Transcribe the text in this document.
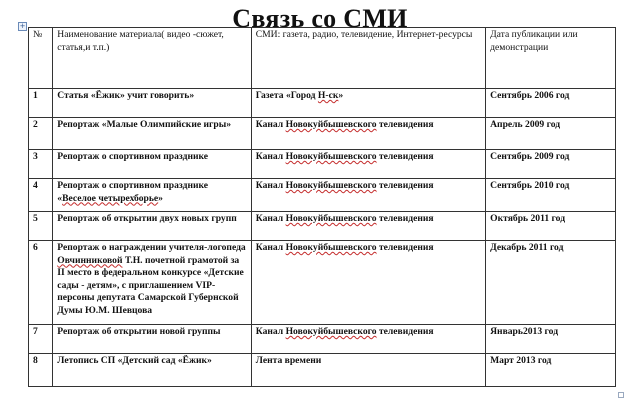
Связь со СМИ
+
№	Наименование материала( видео -сюжет, статья,и т.п.)	СМИ: газета, радио, телевидение, Интернет-ресурсы	Дата публикации или демонстрации
1	Статья «Ёжик» учит говорить»	Газета «Город Н-ск»	Сентябрь 2006 год
2	Репортаж «Малые Олимпийские игры»	Канал Новокуйбышевского телевидения	Апрель 2009 год
3	Репортаж о спортивном празднике	Канал Новокуйбышевского телевидения	Сентябрь 2009 год
4	Репортаж о спортивном празднике «Веселое четырехборье»	Канал Новокуйбышевского телевидения	Сентябрь 2010 год
5	Репортаж об открытии двух новых групп	Канал Новокуйбышевского телевидения	Октябрь 2011 год
6	Репортаж о награждении учителя-логопеда Овчинниковой Т.Н. почетной грамотой за II место в федеральном конкурсе «Детские сады - детям», с приглашением VIP-персоны депутата Самарской Губернской Думы Ю.М. Шевцова	Канал Новокуйбышевского телевидения	Декабрь 2011 год
7	Репортаж об открытии новой группы	Канал Новокуйбышевского телевидения	Январь2013 год
8	Летопись СП «Детский сад «Ёжик»	Лента времени	Март 2013 год
